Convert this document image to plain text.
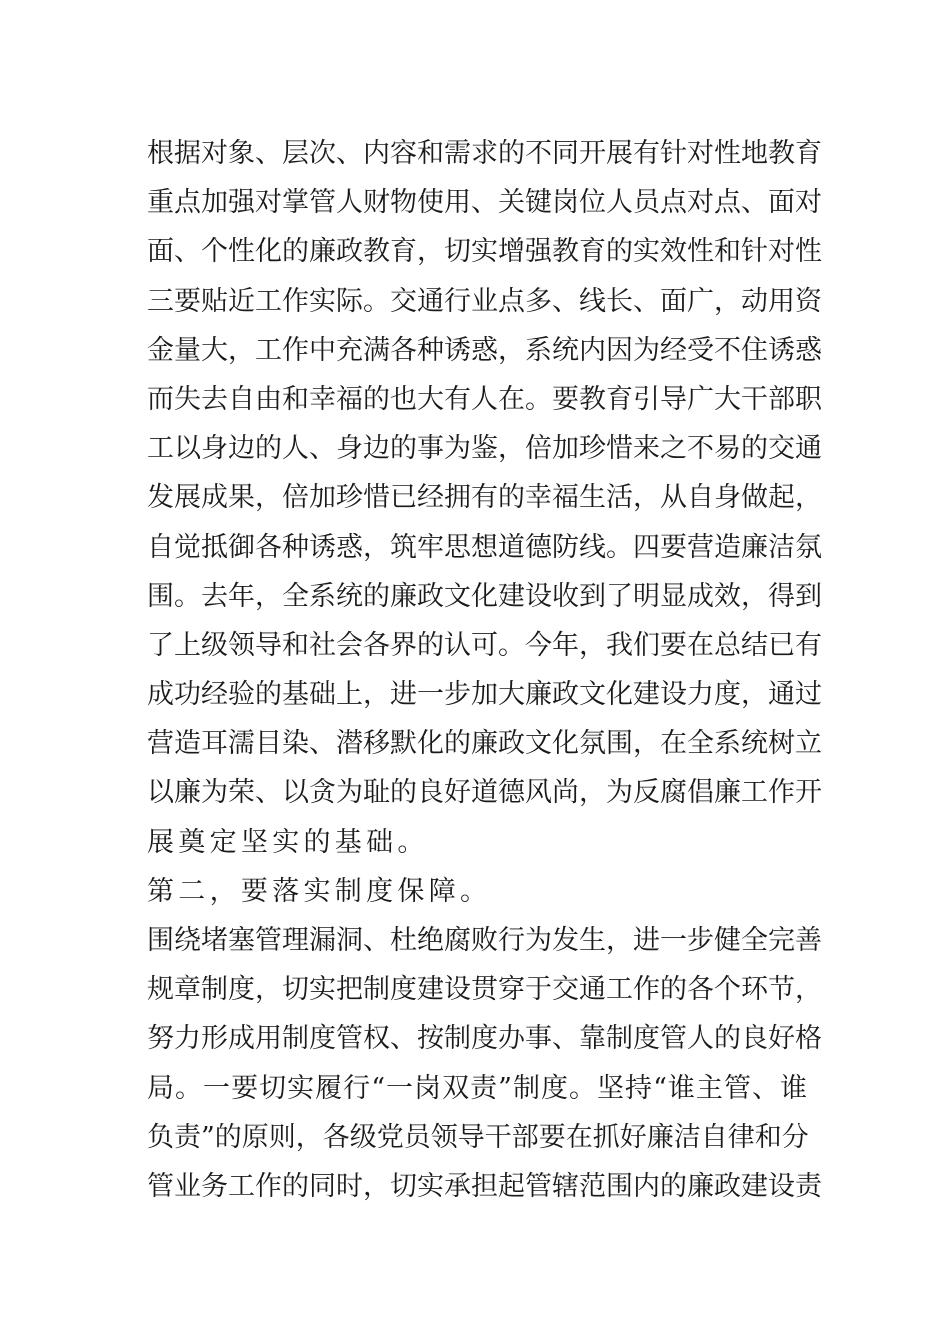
根据对象、层次、内容和需求的不同开展有针对性地教育
重点加强对掌管人财物使用、关键岗位人员点对点、面对
面、个性化的廉政教育，切实增强教育的实效性和针对性
三要贴近工作实际。交通行业点多、线长、面广，动用资
金量大，工作中充满各种诱惑，系统内因为经受不住诱惑
而失去自由和幸福的也大有人在。要教育引导广大干部职
工以身边的人、身边的事为鉴，倍加珍惜来之不易的交通
发展成果，倍加珍惜已经拥有的幸福生活，从自身做起，
自觉抵御各种诱惑，筑牢思想道德防线。四要营造廉洁氛
围。去年，全系统的廉政文化建设收到了明显成效，得到
了上级领导和社会各界的认可。今年，我们要在总结已有
成功经验的基础上，进一步加大廉政文化建设力度，通过
营造耳濡目染、潜移默化的廉政文化氛围，在全系统树立
以廉为荣、以贪为耻的良好道德风尚，为反腐倡廉工作开
展奠定坚实的基础。
第二，要落实制度保障。
围绕堵塞管理漏洞、杜绝腐败行为发生，进一步健全完善
规章制度，切实把制度建设贯穿于交通工作的各个环节，
努力形成用制度管权、按制度办事、靠制度管人的良好格
局。一要切实履行“一岗双责”制度。坚持“谁主管、谁
负责”的原则，各级党员领导干部要在抓好廉洁自律和分
管业务工作的同时，切实承担起管辖范围内的廉政建设责
